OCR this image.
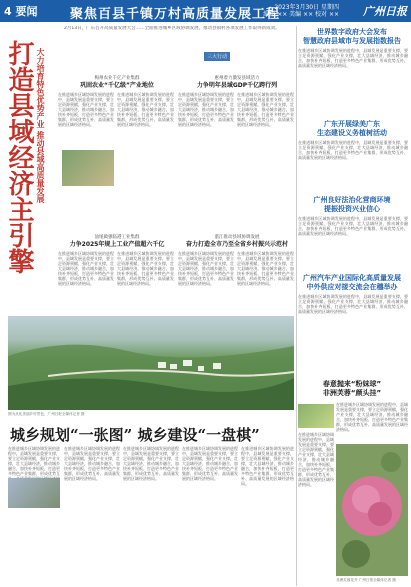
4 要闻	聚焦百县千镇万村高质量发展工程
2023年3月30日 星期四
编辑 ×× 美编 ×× 校对 ×× 广州日报
打造县域经济主引擎 大力培育特色优势产业 推动县域高质量发展
2月13日，广东召开高质量发展大会……全面推进城乡区域协调发展，推动县镇村各项发展工作取得新成效。
三大行动
梅州农业千亿产业集群
巩固农业“千亿级”产业地位
惠州着力激发县域活力
力争明年县域GDP千亿跨行列
在推进城乡区域协调发展的进程中，县域发展是重要支撑，要立足资源禀赋，强化产业支撑，壮大县域经济，推动城乡融合，加快补齐短板，打造更多特色产业集群，形成优势互补、高质量发展的区域经济格局。
在推进城乡区域协调发展的进程中，县域发展是重要支撑，要立足资源禀赋，强化产业支撑，壮大县域经济，推动城乡融合，加快补齐短板，打造更多特色产业集群，形成优势互补、高质量发展的区域经济格局。
在推进城乡区域协调发展的进程中，县域发展是重要支撑，要立足资源禀赋，强化产业支撑，壮大县域经济，推动城乡融合，加快补齐短板，打造更多特色产业集群，形成优势互补、高质量发展的区域经济格局。
在推进城乡区域协调发展的进程中，县域发展是重要支撑，要立足资源禀赋，强化产业支撑，壮大县域经济，推动城乡融合，加快补齐短板，打造更多特色产业集群，形成优势互补、高质量发展的区域经济格局。
汕尾做强临港工业集群
力争2025年规上工业产值超六千亿
湛江推动县域协调发展
奋力打造全市乃至全省乡村振兴示范村
在推进城乡区域协调发展的进程中，县域发展是重要支撑，要立足资源禀赋，强化产业支撑，壮大县域经济，推动城乡融合，加快补齐短板，打造更多特色产业集群，形成优势互补、高质量发展的区域经济格局。
在推进城乡区域协调发展的进程中，县域发展是重要支撑，要立足资源禀赋，强化产业支撑，壮大县域经济，推动城乡融合，加快补齐短板，打造更多特色产业集群，形成优势互补、高质量发展的区域经济格局。
在推进城乡区域协调发展的进程中，县域发展是重要支撑，要立足资源禀赋，强化产业支撑，壮大县域经济，推动城乡融合，加快补齐短板，打造更多特色产业集群，形成优势互补、高质量发展的区域经济格局。
在推进城乡区域协调发展的进程中，县域发展是重要支撑，要立足资源禀赋，强化产业支撑，壮大县域经济，推动城乡融合，加快补齐短板，打造更多特色产业集群，形成优势互补、高质量发展的区域经济格局。
图为从化美丽乡村景色，广州日报全媒体记者 摄
城乡规划“一张图” 城乡建设“一盘棋”
在推进城乡区域协调发展的进程中，县域发展是重要支撑，要立足资源禀赋，强化产业支撑，壮大县域经济，推动城乡融合，加快补齐短板，打造更多特色产业集群，形成优势互
在推进城乡区域协调发展的进程中，县域发展是重要支撑，要立足资源禀赋，强化产业支撑，壮大县域经济，推动城乡融合，加快补齐短板，打造更多特色产业集群，形成优势互补、高质量发展的区域经济格局。
在推进城乡区域协调发展的进程中，县域发展是重要支撑，要立足资源禀赋，强化产业支撑，壮大县域经济，推动城乡融合，加快补齐短板，打造更多特色产业集群，形成优势互补、高质量发展的区域经济格局。
在推进城乡区域协调发展的进程中，县域发展是重要支撑，要立足资源禀赋，强化产业支撑，壮大县域经济，推动城乡融合，加快补齐短板，打造更多特色产业集群，形成优势互补、高质量发展的区域经济格局。
在推进城乡区域协调发展的进程中，县域发展是重要支撑，要立足资源禀赋，强化产业支撑，壮大县域经济，推动城乡融合，加快补齐短板，打造更多特色产业集群，形成优势互补、高质量发展的区域经济格局。
世界数字政府大会发布
智慧政府县域市与发展指数报告
在推进城乡区域协调发展的进程中，县域发展是重要支撑，要立足资源禀赋，强化产业支撑，壮大县域经济，推动城乡融合，加快补齐短板，打造更多特色产业集群，形成优势互补、高质量发展的区域经济格局。
广东开展绿美广东
生态建设义务植树活动
在推进城乡区域协调发展的进程中，县域发展是重要支撑，要立足资源禀赋，强化产业支撑，壮大县域经济，推动城乡融合，加快补齐短板，打造更多特色产业集群，形成优势互补、高质量发展的区域经济格局。
广州良好法治化营商环境
提振投资兴业信心
在推进城乡区域协调发展的进程中，县域发展是重要支撑，要立足资源禀赋，强化产业支撑，壮大县域经济，推动城乡融合，加快补齐短板，打造更多特色产业集群，形成优势互补、高质量发展的区域经济格局。
广州汽车产业国际化高质量发展
中外供应对接交流会在穗举办
在推进城乡区域协调发展的进程中，县域发展是重要支撑，要立足资源禀赋，强化产业支撑，壮大县域经济，推动城乡融合，加快补齐短板，打造更多特色产业集群，形成优势互补、高质量发展的区域经济格局。
春意抛来“粉妹球”
非洲芙蓉“颜头挂”
在推进城乡区域协调发展的进程中，县域发展是重要支撑，要立足资源禀赋，强化产业支撑，壮大县域经济，推动城乡融合，加快补齐短板，打造更多特色产业集群，形成优势互补、高质量发展的区域经济格局。
在推进城乡区域协调发展的进程中，县域发展是重要支撑，要立足资源禀赋，强化产业支撑，壮大县域经济，推动城乡融合，加快补齐短板，打造更多特色产业集群，形成优势互补、高质量发展的区域经济格局。
非洲芙蓉花开 广州日报全媒体记者 摄
